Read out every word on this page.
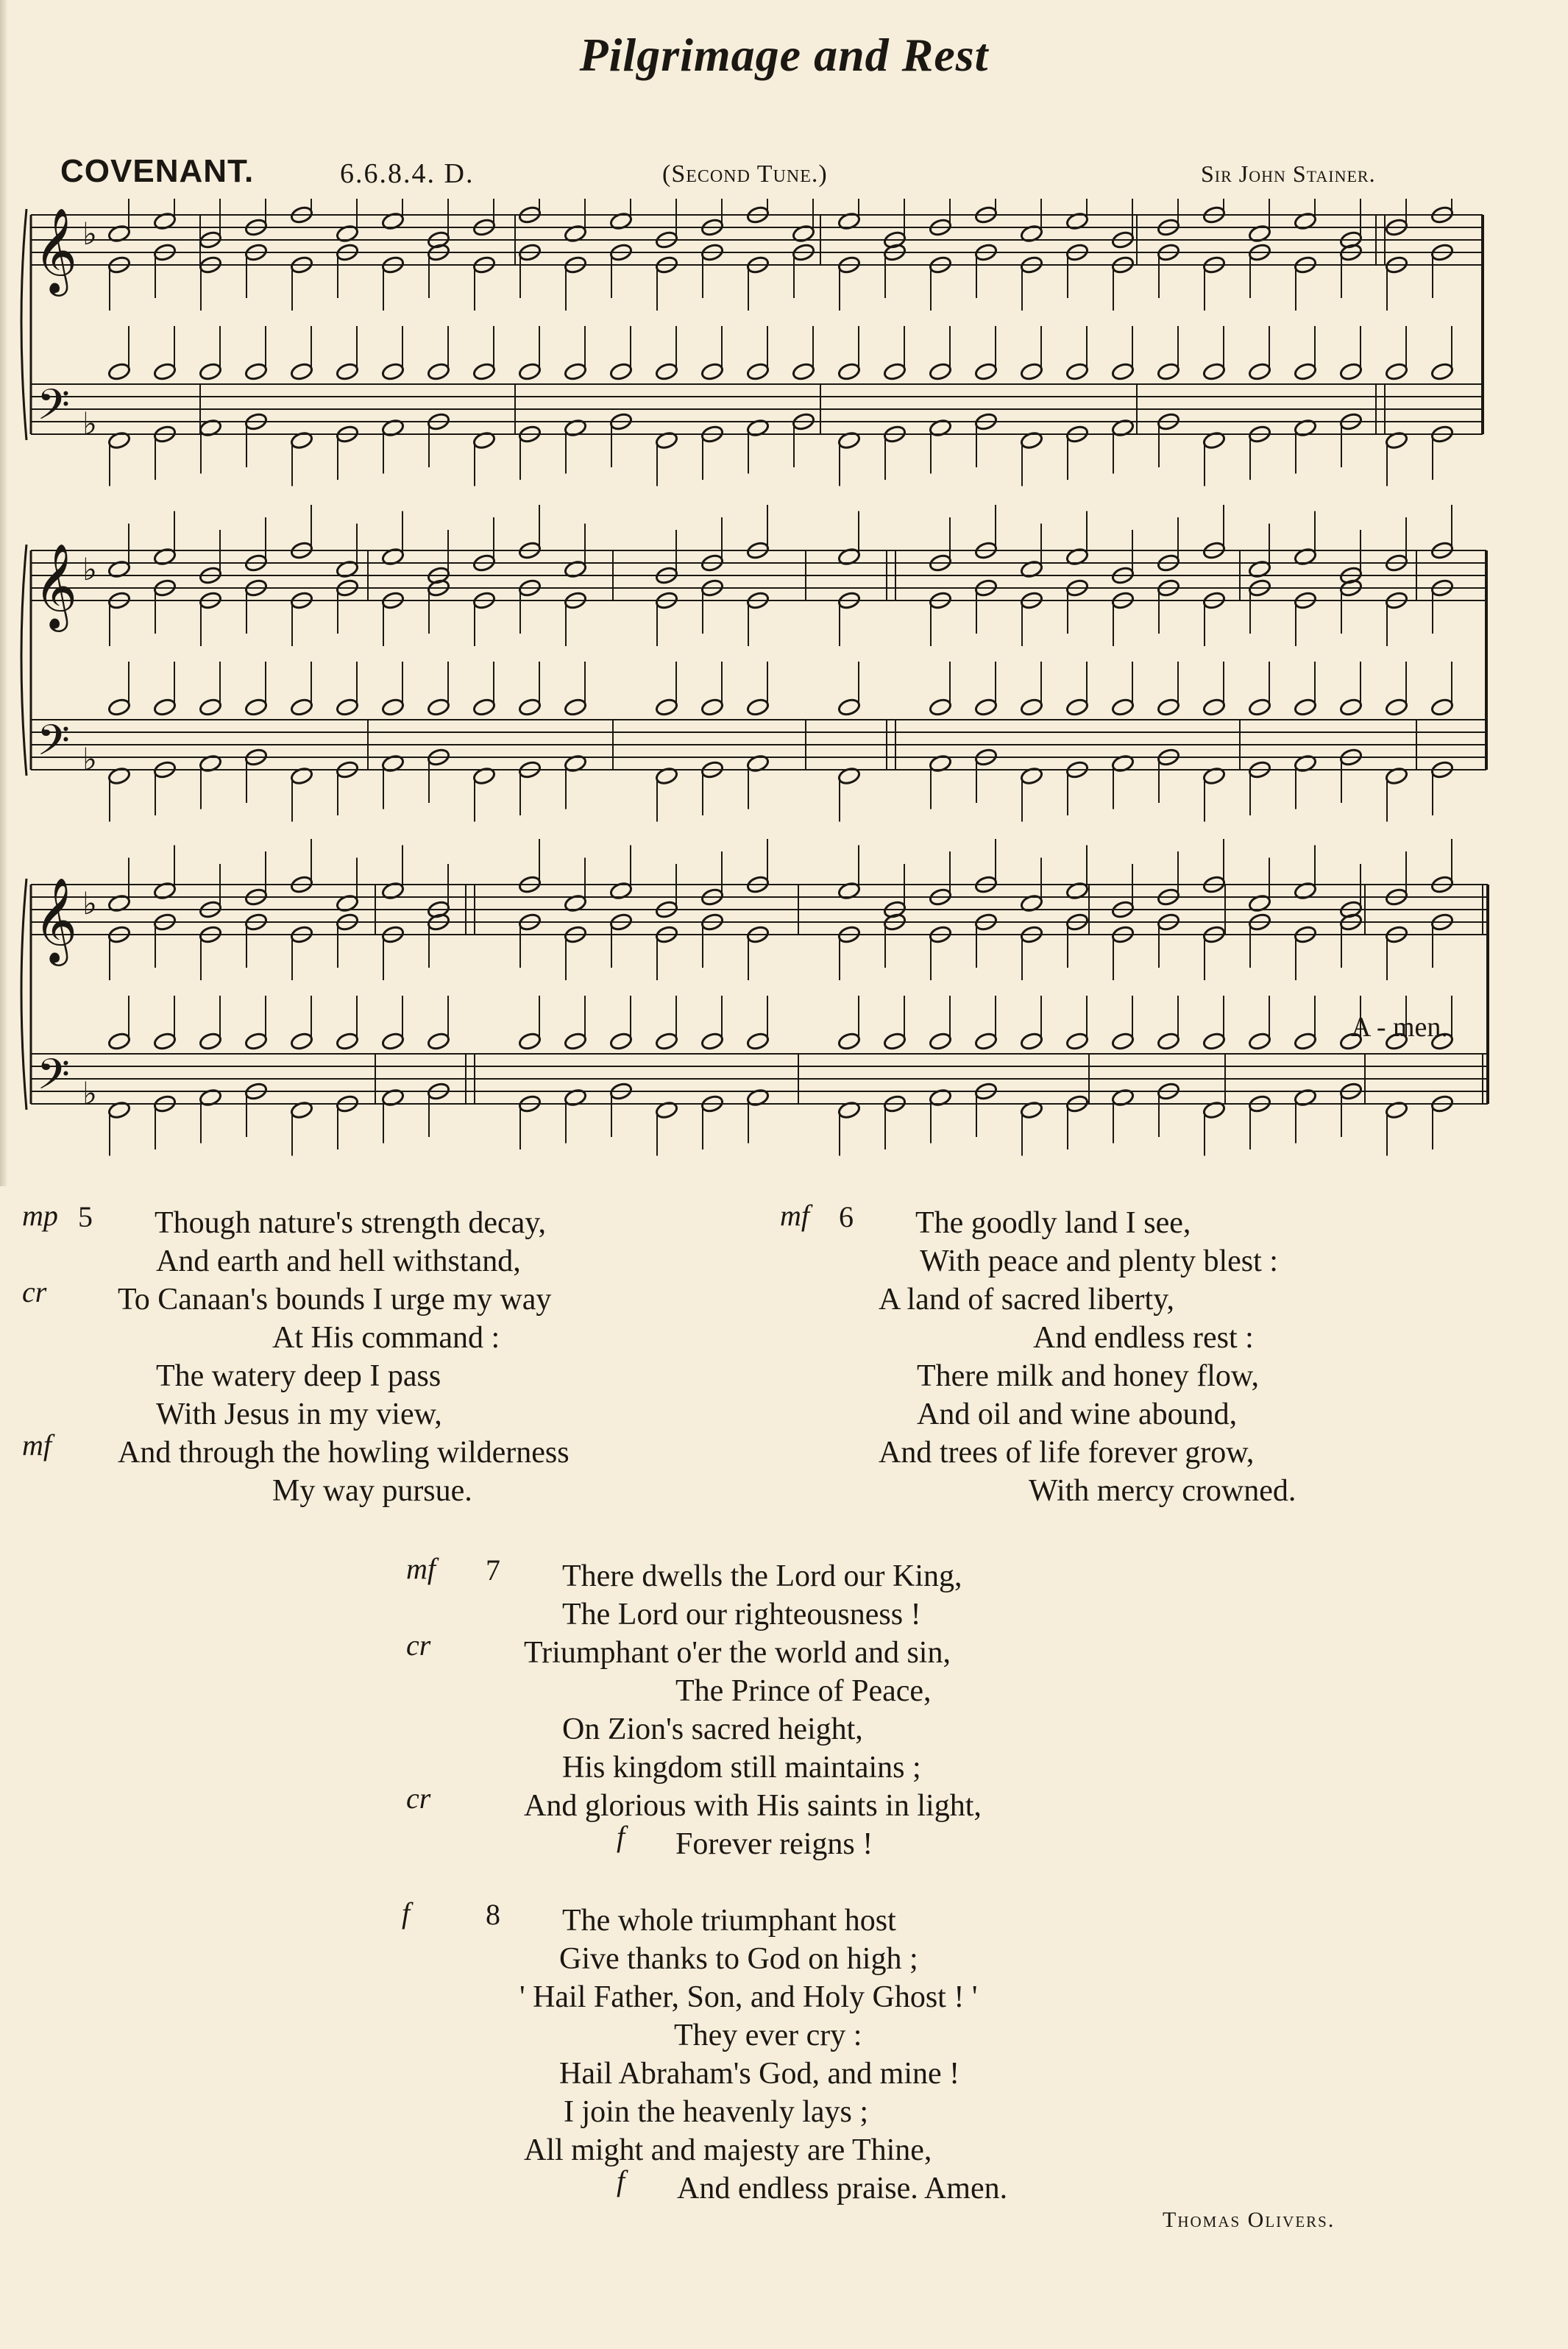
Pilgrimage and Rest
COVENANT.	6.6.8.4. D.	(Second Tune.)	Sir John Stainer.
𝄞
𝄢
♭
♭
𝄞
𝄢
♭
♭
𝄞
𝄢
♭
♭
A - men.
mp 5
cr
mf
Though nature's strength decay,
And earth and hell withstand,
To Canaan's bounds I urge my way
At His command :
The watery deep I pass
With Jesus in my view,
And through the howling wilderness
My way pursue.
mf 6 The goodly land I see,
With peace and plenty blest :
A land of sacred liberty,
And endless rest :
There milk and honey flow,
And oil and wine abound,
And trees of life forever grow,
With mercy crowned.
mf 7
cr
cr
f
There dwells the Lord our King,
The Lord our righteousness !
Triumphant o'er the world and sin,
The Prince of Peace,
On Zion's sacred height,
His kingdom still maintains ;
And glorious with His saints in light,
Forever reigns !
f	8
f
The whole triumphant host
Give thanks to God on high ;
' Hail Father, Son, and Holy Ghost ! '
They ever cry :
Hail Abraham's God, and mine !
I join the heavenly lays ;
All might and majesty are Thine,
And endless praise. Amen.
Thomas Olivers.
